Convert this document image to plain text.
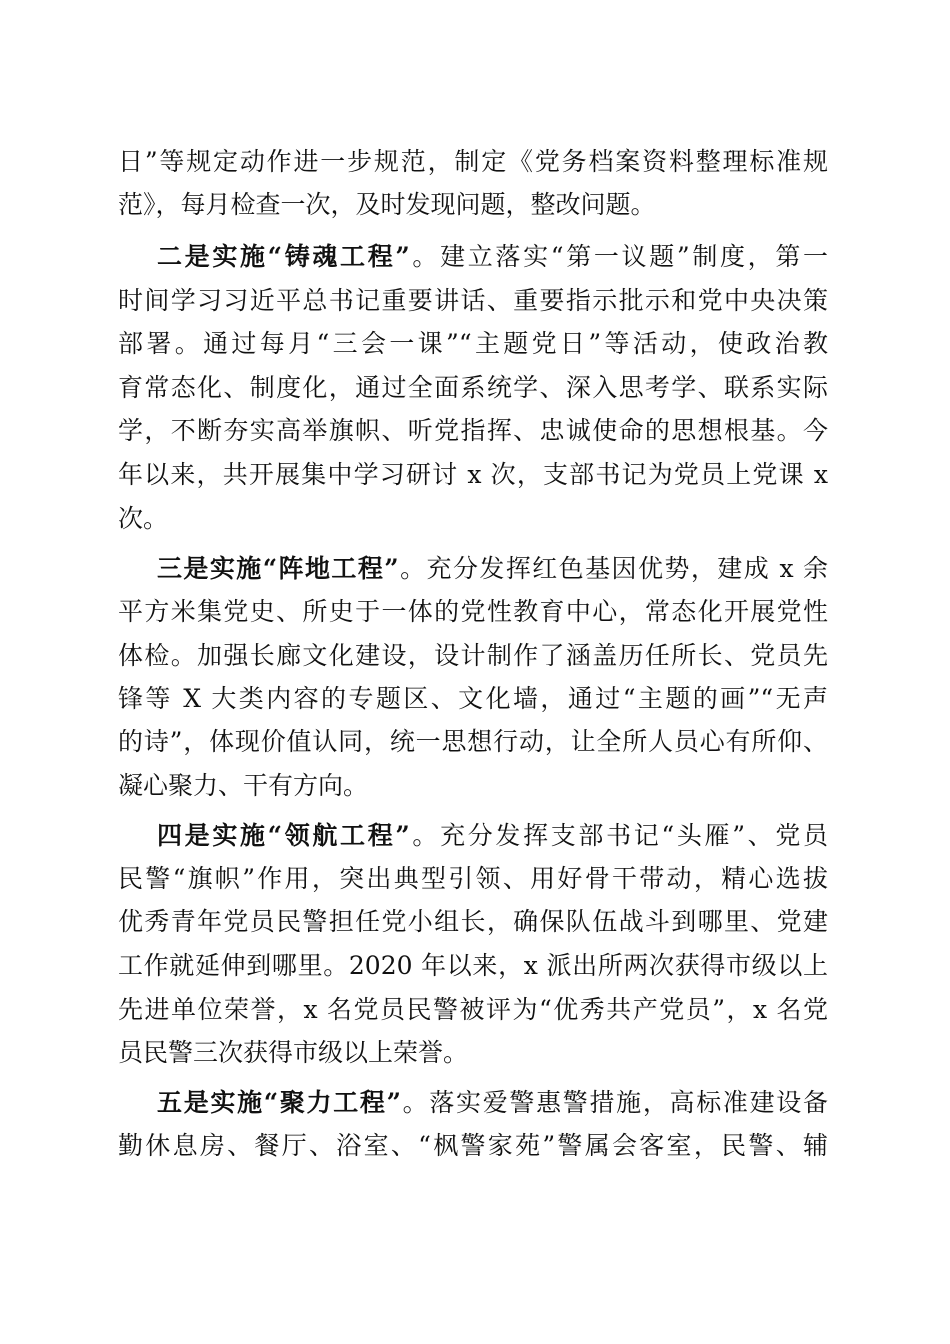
日”等规定动作进一步规范，制定《党务档案资料整理标准规
范》，每月检查一次，及时发现问题，整改问题。
二是实施“铸魂工程”。建立落实“第一议题”制度，第一
时间学习习近平总书记重要讲话、重要指示批示和党中央决策
部署。通过每月“三会一课”“主题党日”等活动，使政治教
育常态化、制度化，通过全面系统学、深入思考学、联系实际
学，不断夯实高举旗帜、听党指挥、忠诚使命的思想根基。今
年以来，共开展集中学习研讨 x 次，支部书记为党员上党课 x
次。
三是实施“阵地工程”。充分发挥红色基因优势，建成 x 余
平方米集党史、所史于一体的党性教育中心，常态化开展党性
体检。加强长廊文化建设，设计制作了涵盖历任所长、党员先
锋等 X 大类内容的专题区、文化墙，通过“主题的画”“无声
的诗”，体现价值认同，统一思想行动，让全所人员心有所仰、
凝心聚力、干有方向。
四是实施“领航工程”。充分发挥支部书记“头雁”、党员
民警“旗帜”作用，突出典型引领、用好骨干带动，精心选拔
优秀青年党员民警担任党小组长，确保队伍战斗到哪里、党建
工作就延伸到哪里。2020 年以来，x 派出所两次获得市级以上
先进单位荣誉，x 名党员民警被评为“优秀共产党员”，x 名党
员民警三次获得市级以上荣誉。
五是实施“聚力工程”。落实爱警惠警措施，高标准建设备
勤休息房、餐厅、浴室、“枫警家苑”警属会客室，民警、辅
